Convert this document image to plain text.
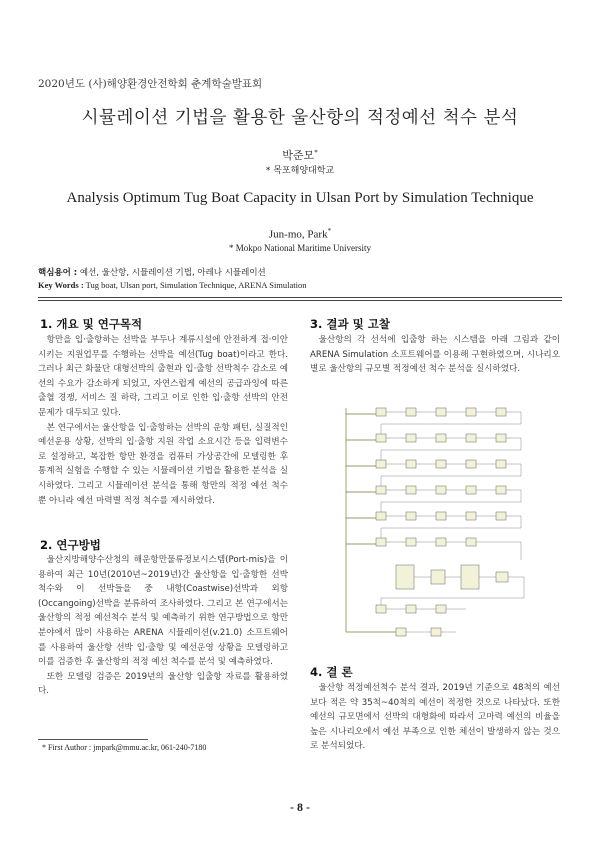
2020년도 (사)해양환경안전학회 춘계학술발표회
시뮬레이션 기법을 활용한 울산항의 적정예선 척수 분석
박준모*
* 목포해양대학교
Analysis Optimum Tug Boat Capacity in Ulsan Port by Simulation Technique
Jun-mo, Park*
* Mokpo National Maritime University
핵심용어 : 예선, 울산항, 시뮬레이션 기법, 아레나 시뮬레이션
Key Words : Tug boat, Ulsan port, Simulation Technique, ARENA Simulation
1. 개요 및 연구목적

항만을 입·출항하는 선박을 부두나 계류시설에 안전하게 접·이안시키는 지원업무를 수행하는 선박을 예선(Tug boat)이라고 한다. 그러나 최근 화물단 대형선박의 출현과 입·출항 선박척수 감소로 예선의 수요가 감소하게 되었고, 자연스럽게 예선의 공급과잉에 따른 출혈 경쟁, 서비스 질 하락, 그리고 이로 인한 입·출항 선박의 안전 문제가 대두되고 있다.

본 연구에서는 울산항을 입·출항하는 선박의 운항 패턴, 실질적인 예선운용 상황, 선박의 입·출항 지원 작업 소요시간 등을 입력변수로 설정하고, 복잡한 항만 환경을 컴퓨터 가상공간에 모델링한 후 통계적 실험을 수행할 수 있는 시뮬레이션 기법을 활용한 분석을 실시하였다. 그리고 시뮬레이션 분석을 통해 항만의 적정 예선 척수 뿐 아니라 예선 마력별 적정 척수를 제시하였다.

2. 연구방법

울산지방해양수산청의 해운항만물류정보시스템(Port-mis)을 이용하여 최근 10년(2010년~2019년)간 울산항을 입·출항한 선박 척수와 이 선박들을 중 내항(Coastwise)선박과 외항(Occangoing)선박을 분류하여 조사하였다. 그리고 본 연구에서는 울산항의 적정 예선척수 분석 및 예측하기 위한 연구방법으로 항만분야에서 많이 사용하는 ARENA 시뮬레이션(v.21.0) 소프트웨어를 사용하여 울산항 선박 입·출항 및 예선운영 상황을 모델링하고 이를 검증한 후 울산항의 적정 예선 척수를 분석 및 예측하였다.

또한 모델링 검증은 2019년의 울산항 입출항 자료를 활용하였다.

* First Author : jmpark@mmu.ac.kr, 061-240-7180
3. 결과 및 고찰

울산항의 각 선석에 입출항 하는 시스템을 아래 그림과 같이 ARENA Simulation 소프트웨어를 이용해 구현하였으며, 시나리오별로 울산항의 규모별 적정예선 척수 분석을 실시하였다.

4. 결 론

울산항 적정예선척수 분석 결과, 2019년 기준으로 48척의 예선보다 적은 약 35척~40척의 예선이 적정한 것으로 나타났다. 또한 예선의 규모면에서 선박의 대형화에 따라서 고마력 예선의 비율을 높은 시나리오에서 예선 부족으로 인한 체선이 발생하지 않는 것으로 분석되었다.

- 8 -
